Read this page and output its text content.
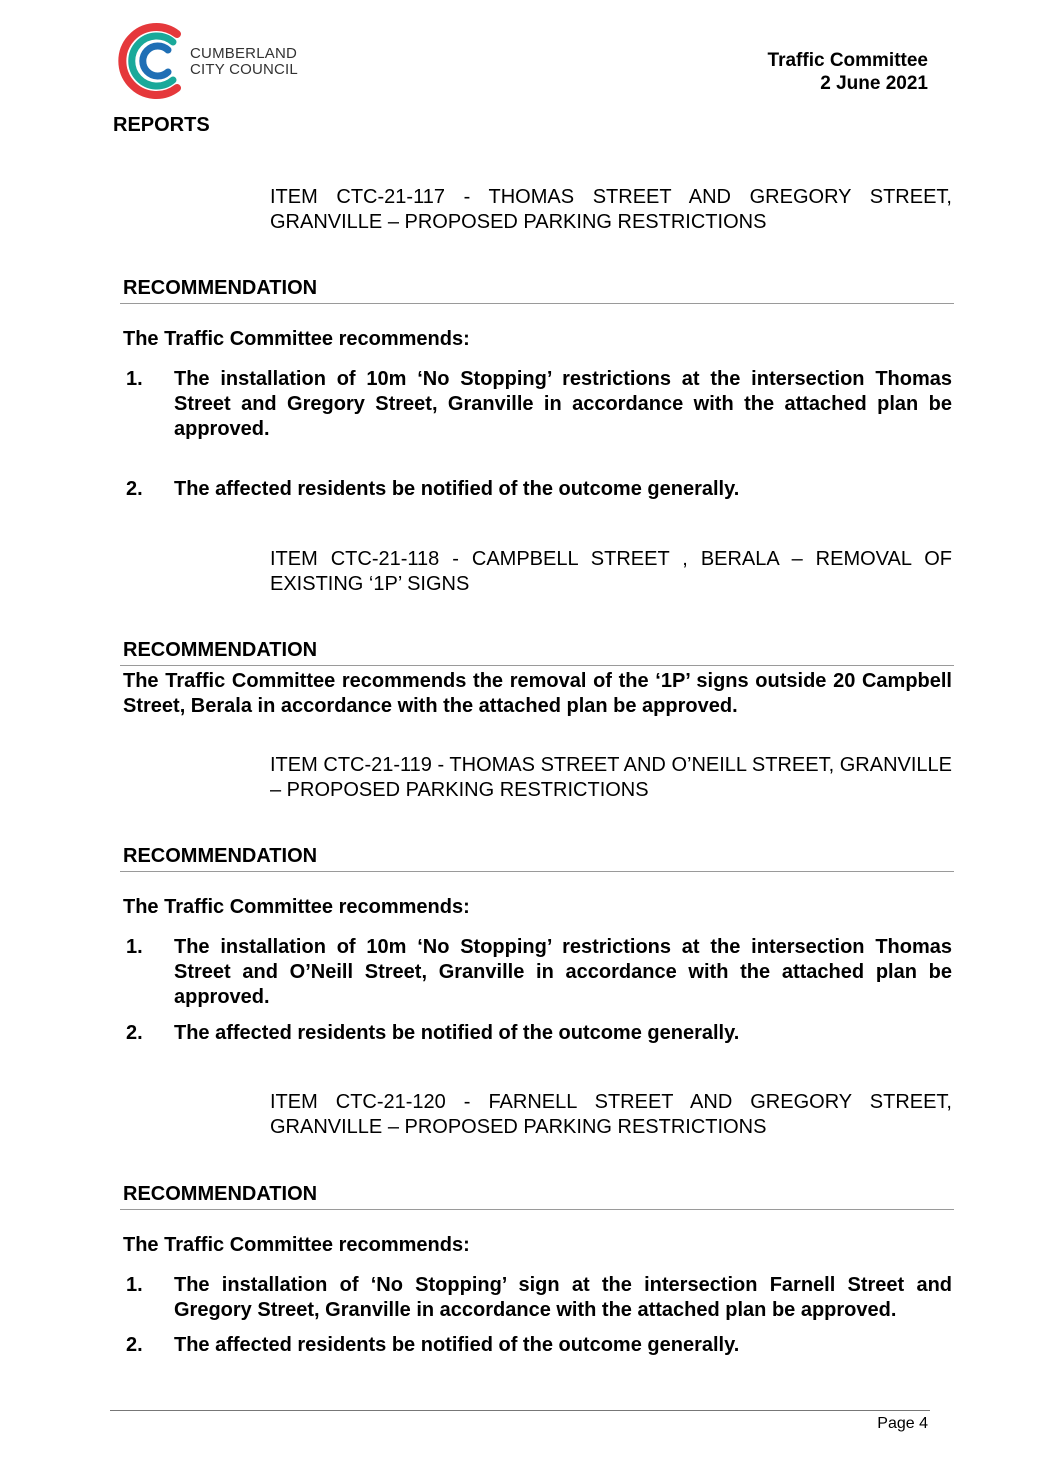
CUMBERLAND
CITY COUNCIL	Traffic Committee
2 June 2021
REPORTS
ITEM CTC-21-117 - THOMAS STREET AND GREGORY STREET, GRANVILLE – PROPOSED PARKING RESTRICTIONS
RECOMMENDATION
The Traffic Committee recommends:
1. The installation of 10m ‘No Stopping’ restrictions at the intersection Thomas Street and Gregory Street, Granville in accordance with the attached plan be approved.
2. The affected residents be notified of the outcome generally.
ITEM CTC-21-118 - CAMPBELL STREET , BERALA – REMOVAL OF EXISTING ‘1P’ SIGNS
RECOMMENDATION
The Traffic Committee recommends the removal of the ‘1P’ signs outside 20 Campbell Street, Berala in accordance with the attached plan be approved.
ITEM CTC-21-119 - THOMAS STREET AND O’NEILL STREET, GRANVILLE – PROPOSED PARKING RESTRICTIONS
RECOMMENDATION
The Traffic Committee recommends:
1. The installation of 10m ‘No Stopping’ restrictions at the intersection Thomas Street and O’Neill Street, Granville in accordance with the attached plan be approved.
2. The affected residents be notified of the outcome generally.
ITEM CTC-21-120 - FARNELL STREET AND GREGORY STREET, GRANVILLE – PROPOSED PARKING RESTRICTIONS
RECOMMENDATION
The Traffic Committee recommends:
1. The installation of ‘No Stopping’ sign at the intersection Farnell Street and Gregory Street, Granville in accordance with the attached plan be approved.
2. The affected residents be notified of the outcome generally.
Page 4
